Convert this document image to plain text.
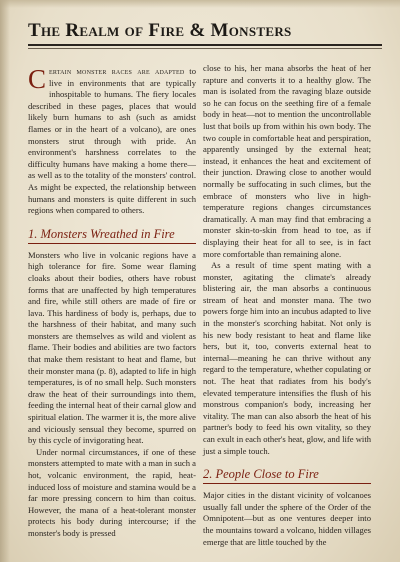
The Realm of Fire & Monsters

Certain monster races are adapted to live in environments that are typically inhospitable to humans. The fiery locales described in these pages, places that would likely burn humans to ash (such as amidst flames or in the heart of a volcano), are ones monsters strut through with pride. An environment's harshness correlates to the difficulty humans have making a home there—as well as to the totality of the monsters' control. As might be expected, the relationship between humans and monsters is quite different in such regions when compared to others.

1. Monsters Wreathed in Fire

Monsters who live in volcanic regions have a high tolerance for fire. Some wear flaming cloaks about their bodies, others have robust forms that are unaffected by high temperatures and fire, while still others are made of fire or lava. This hardiness of body is, perhaps, due to the harshness of their habitat, and many such monsters are themselves as wild and violent as flame. Their bodies and abilities are two factors that make them resistant to heat and flame, but their monster mana (p. 8), adapted to life in high temperatures, is of no small help. Such monsters draw the heat of their surroundings into them, feeding the internal heat of their carnal glow and spiritual elation. The warmer it is, the more alive and viciously sensual they become, spurred on by this cycle of invigorating heat.

Under normal circumstances, if one of these monsters attempted to mate with a man in such a hot, volcanic environment, the rapid, heat-induced loss of moisture and stamina would be a far more pressing concern to him than coitus. However, the mana of a heat-tolerant monster protects his body during intercourse; if the monster's body is pressed

close to his, her mana absorbs the heat of her rapture and converts it to a healthy glow. The man is isolated from the ravaging blaze outside so he can focus on the seething fire of a female body in heat—not to mention the uncontrollable lust that boils up from within his own body. The two couple in comfortable heat and perspiration, apparently unsinged by the external heat; instead, it enhances the heat and excitement of their junction. Drawing close to another would normally be suffocating in such climes, but the embrace of monsters who live in high-temperature regions changes circumstances dramatically. A man may find that embracing a monster skin-to-skin from head to toe, as if displaying their heat for all to see, is in fact more comfortable than remaining alone.

As a result of time spent mating with a monster, agitating the climate's already blistering air, the man absorbs a continuous stream of heat and monster mana. The two powers forge him into an incubus adapted to live in the monster's scorching habitat. Not only is his new body resistant to heat and flame like hers, but it, too, converts external heat to internal—meaning he can thrive without any regard to the temperature, whether copulating or not. The heat that radiates from his body's elevated temperature intensifies the flush of his monstrous companion's body, increasing her vitality. The man can also absorb the heat of his partner's body to feed his own vitality, so they can exult in each other's heat, glow, and life with just a simple touch.

2. People Close to Fire

Major cities in the distant vicinity of volcanoes usually fall under the sphere of the Order of the Omnipotent—but as one ventures deeper into the mountains toward a volcano, hidden villages emerge that are little touched by the
